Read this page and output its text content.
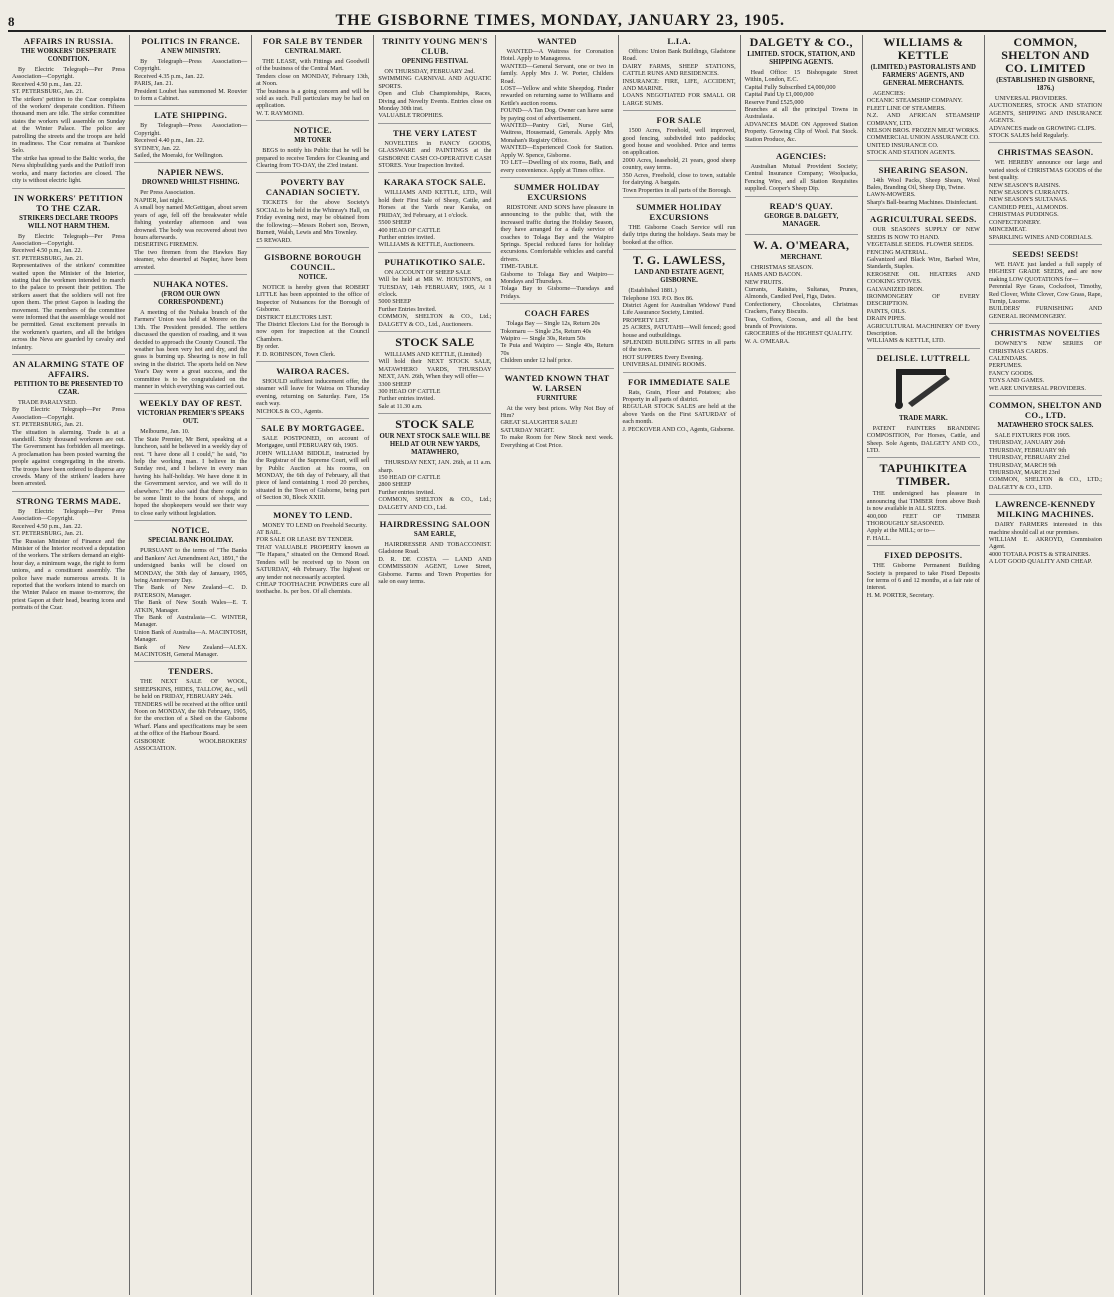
8	THE GISBORNE TIMES, MONDAY, JANUARY 23, 1905.
AFFAIRS IN RUSSIA.
THE WORKERS' DESPERATE CONDITION.

By Electric Telegraph—Per Press Association—Copyright.
Received 4.50 p.m., Jan. 22.
ST. PETERSBURG, Jan. 21.
The strikers' petition to the Czar complains of the workers' desperate condition. Fifteen thousand men are idle. The strike committee states the workers will assemble on Sunday at the Winter Palace. The police are patrolling the streets and the troops are held in readiness. The Czar remains at Tsarskoe Selo.
The strike has spread to the Baltic works, the Neva shipbuilding yards and the Putiloff iron works, and many factories are closed. The city is without electric light.

IN WORKERS' PETITION TO THE CZAR.
STRIKERS DECLARE TROOPS WILL NOT HARM THEM.

By Electric Telegraph—Per Press Association—Copyright.
Received 4.50 p.m., Jan. 22.
ST. PETERSBURG, Jan. 21.
Representatives of the strikers' committee waited upon the Minister of the Interior, stating that the workmen intended to march to the palace to present their petition. The strikers assert that the soldiers will not fire upon them. The priest Gapon is leading the movement. The members of the committee were informed that the assemblage would not be permitted. Great excitement prevails in the workmen's quarters, and all the bridges across the Neva are guarded by cavalry and infantry.

AN ALARMING STATE OF AFFAIRS.
PETITION TO BE PRESENTED TO CZAR.

TRADE PARALYSED.
By Electric Telegraph—Per Press Association—Copyright.
ST. PETERSBURG, Jan. 21.
The situation is alarming. Trade is at a standstill. Sixty thousand workmen are out. The Government has forbidden all meetings. A proclamation has been posted warning the people against congregating in the streets. The troops have been ordered to disperse any crowds. Many of the strikers' leaders have been arrested.

STRONG TERMS MADE.

By Electric Telegraph—Per Press Association—Copyright.
Received 4.50 p.m., Jan. 22.
ST. PETERSBURG, Jan. 21.
The Russian Minister of Finance and the Minister of the Interior received a deputation of the workers. The strikers demand an eight-hour day, a minimum wage, the right to form unions, and a constituent assembly. The police have made numerous arrests. It is reported that the workers intend to march on the Winter Palace en masse to-morrow, the priest Gapon at their head, bearing icons and portraits of the Czar.

POLITICS IN FRANCE.
A NEW MINISTRY.

By Telegraph—Press Association—Copyright.
Received 4.35 p.m., Jan. 22.
PARIS, Jan. 21.
President Loubet has summoned M. Rouvier to form a Cabinet.

LATE SHIPPING.

By Telegraph—Press Association—Copyright.
Received 4.40 p.m., Jan. 22.
SYDNEY, Jan. 22.
Sailed, the Moeraki, for Wellington.

NAPIER NEWS.
DROWNED WHILST FISHING.

Per Press Association.
NAPIER, last night.
A small boy named McGettigan, about seven years of age, fell off the breakwater while fishing yesterday afternoon and was drowned. The body was recovered about two hours afterwards.
DESERTING FIREMEN.
The two firemen from the Hawkes Bay steamer, who deserted at Napier, have been arrested.

NUHAKA NOTES.
(FROM OUR OWN CORRESPONDENT.)

A meeting of the Nuhaka branch of the Farmers' Union was held at Morere on the 13th. The President presided. The settlers discussed the question of roading, and it was decided to approach the County Council. The weather has been very hot and dry, and the grass is burning up. Shearing is now in full swing in the district. The sports held on New Year's Day were a great success, and the committee is to be congratulated on the manner in which everything was carried out.

WEEKLY DAY OF REST.
VICTORIAN PREMIER'S SPEAKS OUT.

Melbourne, Jan. 10.
The State Premier, Mr Bent, speaking at a luncheon, said he believed in a weekly day of rest. "I have done all I could," he said, "to help the working man. I believe in the Sunday rest, and I believe in every man having his half-holiday. We have done it in the Government service, and we will do it elsewhere." He also said that there ought to be some limit to the hours of shops, and hoped the shopkeepers would see their way to close early without legislation.

NOTICE.
SPECIAL BANK HOLIDAY.

PURSUANT to the terms of "The Banks and Bankers' Act Amendment Act, 1891," the undersigned banks will be closed on MONDAY, the 30th day of January, 1905, being Anniversary Day.
The Bank of New Zealand—C. D. PATERSON, Manager.
The Bank of New South Wales—E. T. ATKIN, Manager.
The Bank of Australasia—C. WINTER, Manager.
Union Bank of Australia—A. MACINTOSH, Manager.
Bank of New Zealand—ALEX. MACINTOSH, General Manager.

TENDERS.

THE NEXT SALE OF WOOL, SHEEPSKINS, HIDES, TALLOW, &c., will be held on FRIDAY, FEBRUARY 24th.
TENDERS will be received at the office until Noon on MONDAY, the 6th February, 1905, for the erection of a Shed on the Gisborne Wharf. Plans and specifications may be seen at the office of the Harbour Board.
GISBORNE WOOLBROKERS' ASSOCIATION.

FOR SALE BY TENDER
CENTRAL MART.

THE LEASE, with Fittings and Goodwill of the business of the Central Mart.
Tenders close on MONDAY, February 13th, at Noon.
The business is a going concern and will be sold as such. Full particulars may be had on application.
W. T. RAYMOND.

NOTICE.
MR TONER

BEGS to notify his Public that he will be prepared to receive Tenders for Cleaning and Clearing from TO-DAY, the 23rd instant.

POVERTY BAY CANADIAN SOCIETY.

TICKETS for the above Society's SOCIAL to be held in the Whinray's Hall, on Friday evening next, may be obtained from the following:—Messrs Robert son, Brown, Burnett, Walsh, Lewis and Mrs Townley.
£5 REWARD.

GISBORNE BOROUGH COUNCIL.
NOTICE.

NOTICE is hereby given that ROBERT LITTLE has been appointed to the office of Inspector of Nuisances for the Borough of Gisborne.
DISTRICT ELECTORS LIST.
The District Electors List for the Borough is now open for inspection at the Council Chambers.
By order.
F. D. ROBINSON, Town Clerk.

WAIROA RACES.

SHOULD sufficient inducement offer, the steamer will leave for Wairoa on Thursday evening, returning on Saturday. Fare, 15s each way.
NICHOLS & CO., Agents.

SALE BY MORTGAGEE.

SALE POSTPONED, on account of Mortgagee, until FEBRUARY 6th, 1905.
JOHN WILLIAM BIDDLE, instructed by the Registrar of the Supreme Court, will sell by Public Auction at his rooms, on MONDAY, the 6th day of February, all that piece of land containing 1 rood 20 perches, situated in the Town of Gisborne, being part of Section 30, Block XXIII.

MONEY TO LEND.

MONEY TO LEND on Freehold Security.
AT BAIL.
FOR SALE OR LEASE BY TENDER.
THAT VALUABLE PROPERTY known as "Te Hapara," situated on the Ormond Road. Tenders will be received up to Noon on SATURDAY, 4th February. The highest or any tender not necessarily accepted.
CHEAP TOOTHACHE POWDERS cure all toothache. Is. per box. Of all chemists.

TRINITY YOUNG MEN'S CLUB.
OPENING FESTIVAL

ON THURSDAY, FEBRUARY 2nd.
SWIMMING CARNIVAL AND AQUATIC SPORTS.
Open and Club Championships, Races, Diving and Novelty Events. Entries close on Monday 30th inst.
VALUABLE TROPHIES.

THE VERY LATEST

NOVELTIES in FANCY GOODS, GLASSWARE and PAINTINGS at the GISBORNE CASH CO-OPERATIVE CASH STORES. Your Inspection Invited.

KARAKA STOCK SALE.

WILLIAMS AND KETTLE, LTD., Will hold their First Sale of Sheep, Cattle, and Horses at the Yards near Karaka, on FRIDAY, 3rd February, at 1 o'clock.
5500 SHEEP
400 HEAD OF CATTLE
Further entries invited.
WILLIAMS & KETTLE, Auctioneers.

PUHATIKOTIKO SALE.

ON ACCOUNT OF SHEEP SALE
Will be held at MR W. HOUSTON'S, on TUESDAY, 14th FEBRUARY, 1905, At 1 o'clock.
5000 SHEEP
Further Entries Invited.
COMMON, SHELTON & CO., Ltd.; DALGETY & CO., Ltd., Auctioneers.

STOCK SALE

WILLIAMS AND KETTLE, (Limited)
Will hold their NEXT STOCK SALE, MATAWHERO YARDS, THURSDAY NEXT, JAN. 26th, When they will offer—
3300 SHEEP
300 HEAD OF CATTLE
Further entries invited.
Sale at 11.30 a.m.

STOCK SALE
OUR NEXT STOCK SALE WILL BE HELD AT OUR NEW YARDS, MATAWHERO,

THURSDAY NEXT, JAN. 26th, at 11 a.m. sharp.
150 HEAD OF CATTLE
2800 SHEEP
Further entries invited.
COMMON, SHELTON & CO., Ltd.; DALGETY AND CO., Ltd.

HAIRDRESSING SALOON
SAM EARLE,

HAIRDRESSER AND TOBACCONIST. Gladstone Road.
D. R. DE COSTA — LAND AND COMMISSION AGENT, Lowe Street, Gisborne. Farms and Town Properties for sale on easy terms.

WANTED

WANTED—A Waitress for Coronation Hotel. Apply to Manageress.
WANTED—General Servant, one or two in family. Apply Mrs J. W. Porter, Childers Road.
LOST—Yellow and white Sheepdog. Finder rewarded on returning same to Williams and Kettle's auction rooms.
FOUND—A Tan Dog. Owner can have same by paying cost of advertisement.
WANTED—Pantry Girl, Nurse Girl, Waitress, Housemaid, Generals. Apply Mrs Monahan's Registry Office.
WANTED—Experienced Cook for Station. Apply W. Spence, Gisborne.
TO LET—Dwelling of six rooms, Bath, and every convenience. Apply at Times office.

SUMMER HOLIDAY EXCURSIONS

RIDSTONE AND SONS have pleasure in announcing to the public that, with the increased traffic during the Holiday Season, they have arranged for a daily service of coaches to Tolaga Bay and the Waipiro Springs. Special reduced fares for holiday excursions. Comfortable vehicles and careful drivers.
TIME-TABLE.
Gisborne to Tolaga Bay and Waipiro—Mondays and Thursdays.
Tolaga Bay to Gisborne—Tuesdays and Fridays.

COACH FARES

Tolaga Bay — Single 12s, Return 20s
Tokomaru — Single 25s, Return 40s
Waipiro — Single 30s, Return 50s
Te Puia and Waipiro — Single 40s, Return 70s
Children under 12 half price.

WANTED KNOWN THAT W. LARSEN
FURNITURE

At the very best prices. Why Not Buy of Him?
GREAT SLAUGHTER SALE!
SATURDAY NIGHT.
To make Room for New Stock next week. Everything at Cost Price.

L.I.A.

Offices: Union Bank Buildings, Gladstone Road.
DAIRY FARMS, SHEEP STATIONS, CATTLE RUNS AND RESIDENCES.
INSURANCE: FIRE, LIFE, ACCIDENT, AND MARINE.
LOANS NEGOTIATED FOR SMALL OR LARGE SUMS.

FOR SALE

1500 Acres, Freehold, well improved, good fencing, subdivided into paddocks; good house and woolshed. Price and terms on application.
2000 Acres, leasehold, 21 years, good sheep country, easy terms.
350 Acres, Freehold, close to town, suitable for dairying. A bargain.
Town Properties in all parts of the Borough.

SUMMER HOLIDAY EXCURSIONS

THE Gisborne Coach Service will run daily trips during the holidays. Seats may be booked at the office.

T. G. LAWLESS,
LAND AND ESTATE AGENT, GISBORNE.

(Established 1881.)
Telephone 193. P.O. Box 86.
District Agent for Australian Widows' Fund Life Assurance Society, Limited.
PROPERTY LIST.
25 ACRES, PATUTAHI—Well fenced; good house and outbuildings.
SPLENDID BUILDING SITES in all parts of the town.
HOT SUPPERS Every Evening.
UNIVERSAL DINING ROOMS.

FOR IMMEDIATE SALE

Rats, Grain, Flour and Potatoes; also Property in all parts of district.
REGULAR STOCK SALES are held at the above Yards on the First SATURDAY of each month.
J. PECKOVER AND CO., Agents, Gisborne.

DALGETY & CO.,
LIMITED. STOCK, STATION, AND SHIPPING AGENTS.

Head Office: 15 Bishopsgate Street Within, London, E.C.
Capital Fully Subscribed £4,000,000
Capital Paid Up £1,000,000
Reserve Fund £525,000
Branches at all the principal Towns in Australasia.
ADVANCES MADE ON Approved Station Property. Growing Clip of Wool. Fat Stock. Station Produce, &c.

AGENCIES:

Australian Mutual Provident Society; Central Insurance Company; Woolpacks, Fencing Wire, and all Station Requisites supplied. Cooper's Sheep Dip.

READ'S QUAY.
GEORGE B. DALGETY, MANAGER.
W. A. O'MEARA,
MERCHANT.

CHRISTMAS SEASON.
HAMS AND BACON.
NEW FRUITS.
Currants, Raisins, Sultanas, Prunes, Almonds, Candied Peel, Figs, Dates.
Confectionery, Chocolates, Christmas Crackers, Fancy Biscuits.
Teas, Coffees, Cocoas, and all the best brands of Provisions.
GROCERIES of the HIGHEST QUALITY.
W. A. O'MEARA.

WILLIAMS & KETTLE
(LIMITED.) PASTORALISTS AND FARMERS' AGENTS, AND GENERAL MERCHANTS.

AGENCIES:
OCEANIC STEAMSHIP COMPANY.
FLEET LINE OF STEAMERS.
N.Z. AND AFRICAN STEAMSHIP COMPANY, LTD.
NELSON BROS. FROZEN MEAT WORKS.
COMMERCIAL UNION ASSURANCE CO.
UNITED INSURANCE CO.
STOCK AND STATION AGENTS.

SHEARING SEASON.

14th Wool Packs, Sheep Shears, Wool Bales, Branding Oil, Sheep Dip, Twine.
LAWN-MOWERS.
Sharp's Ball-bearing Machines. Disinfectant.

AGRICULTURAL SEEDS.

OUR SEASON'S SUPPLY OF NEW SEEDS IS NOW TO HAND.
VEGETABLE SEEDS. FLOWER SEEDS.
FENCING MATERIAL.
Galvanized and Black Wire, Barbed Wire, Standards, Staples.
KEROSENE OIL HEATERS AND COOKING STOVES.
GALVANIZED IRON.
IRONMONGERY OF EVERY DESCRIPTION.
PAINTS, OILS.
DRAIN PIPES.
AGRICULTURAL MACHINERY OF Every Description.
WILLIAMS & KETTLE, LTD.

DELISLE. LUTTRELL
TRADE MARK.

PATENT FAINTERS BRANDING COMPOSITION, For Horses, Cattle, and Sheep. Sole Agents, DALGETY AND CO., LTD.

TAPUHIKITEA TIMBER.

THE undersigned has pleasure in announcing that TIMBER from above Bush is now available in ALL SIZES.
400,000 FEET OF TIMBER THOROUGHLY SEASONED.
Apply at the MILL; or to—
F. HALL.

FIXED DEPOSITS.

THE Gisborne Permanent Building Society is prepared to take Fixed Deposits for terms of 6 and 12 months, at a fair rate of interest.
H. M. PORTER, Secretary.

COMMON, SHELTON AND CO. LIMITED
(ESTABLISHED IN GISBORNE, 1876.)

UNIVERSAL PROVIDERS.
AUCTIONEERS, STOCK AND STATION AGENTS, SHIPPING AND INSURANCE AGENTS.
ADVANCES made on GROWING CLIPS.
STOCK SALES held Regularly.

CHRISTMAS SEASON.

WE HEREBY announce our large and varied stock of CHRISTMAS GOODS of the best quality.
NEW SEASON'S RAISINS.
NEW SEASON'S CURRANTS.
NEW SEASON'S SULTANAS.
CANDIED PEEL, ALMONDS.
CHRISTMAS PUDDINGS.
CONFECTIONERY.
MINCEMEAT.
SPARKLING WINES AND CORDIALS.

SEEDS! SEEDS!

WE HAVE just landed a full supply of HIGHEST GRADE SEEDS, and are now making LOW QUOTATIONS for—
Perennial Rye Grass, Cocksfoot, Timothy, Red Clover, White Clover, Cow Grass, Rape, Turnip, Lucerne.
BUILDERS' FURNISHING AND GENERAL IRONMONGERY.

CHRISTMAS NOVELTIES

DOWNEY'S NEW SERIES OF CHRISTMAS CARDS.
CALENDARS.
PERFUMES.
FANCY GOODS.
TOYS AND GAMES.
WE ARE UNIVERSAL PROVIDERS.

COMMON, SHELTON AND CO., LTD.
MATAWHERO STOCK SALES.

SALE FIXTURES FOR 1905.
THURSDAY, JANUARY 26th
THURSDAY, FEBRUARY 9th
THURSDAY, FEBRUARY 23rd
THURSDAY, MARCH 9th
THURSDAY, MARCH 23rd
COMMON, SHELTON & CO., LTD.; DALGETY & CO., LTD.

LAWRENCE-KENNEDY MILKING MACHINES.

DAIRY FARMERS interested in this machine should call at our premises.
WILLIAM E. AKROYD, Commission Agent.
4000 TOTARA POSTS & STRAINERS.
A LOT GOOD QUALITY AND CHEAP.
